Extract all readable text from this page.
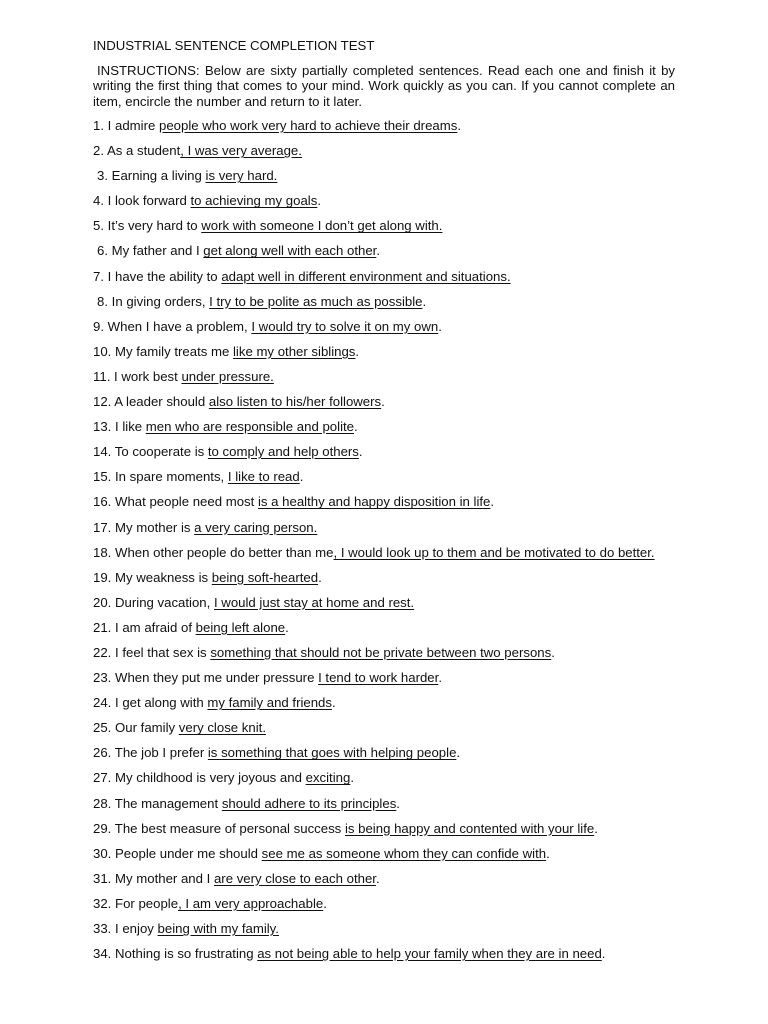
INDUSTRIAL SENTENCE COMPLETION TEST
INSTRUCTIONS: Below are sixty partially completed sentences. Read each one and finish it by writing the first thing that comes to your mind. Work quickly as you can. If you cannot complete an item, encircle the number and return to it later.
1. I admire people who work very hard to achieve their dreams.
2. As a student, I was very average.
3. Earning a living is very hard.
4. I look forward to achieving my goals.
5. It’s very hard to work with someone I don’t get along with.
6. My father and I get along well with each other.
7. I have the ability to adapt well in different environment and situations.
8. In giving orders, I try to be polite as much as possible.
9. When I have a problem, I would try to solve it on my own.
10. My family treats me like my other siblings.
11. I work best under pressure.
12. A leader should also listen to his/her followers.
13. I like men who are responsible and polite.
14. To cooperate is to comply and help others.
15. In spare moments, I like to read.
16. What people need most is a healthy and happy disposition in life.
17. My mother is a very caring person.
18. When other people do better than me, I would look up to them and be motivated to do better.
19. My weakness is being soft-hearted.
20. During vacation, I would just stay at home and rest.
21. I am afraid of being left alone.
22. I feel that sex is something that should not be private between two persons.
23. When they put me under pressure I tend to work harder.
24. I get along with my family and friends.
25. Our family very close knit.
26. The job I prefer is something that goes with helping people.
27. My childhood is very joyous and exciting.
28. The management should adhere to its principles.
29. The best measure of personal success is being happy and contented with your life.
30. People under me should see me as someone whom they can confide with.
31. My mother and I are very close to each other.
32. For people, I am very approachable.
33. I enjoy being with my family.
34. Nothing is so frustrating as not being able to help your family when they are in need.
